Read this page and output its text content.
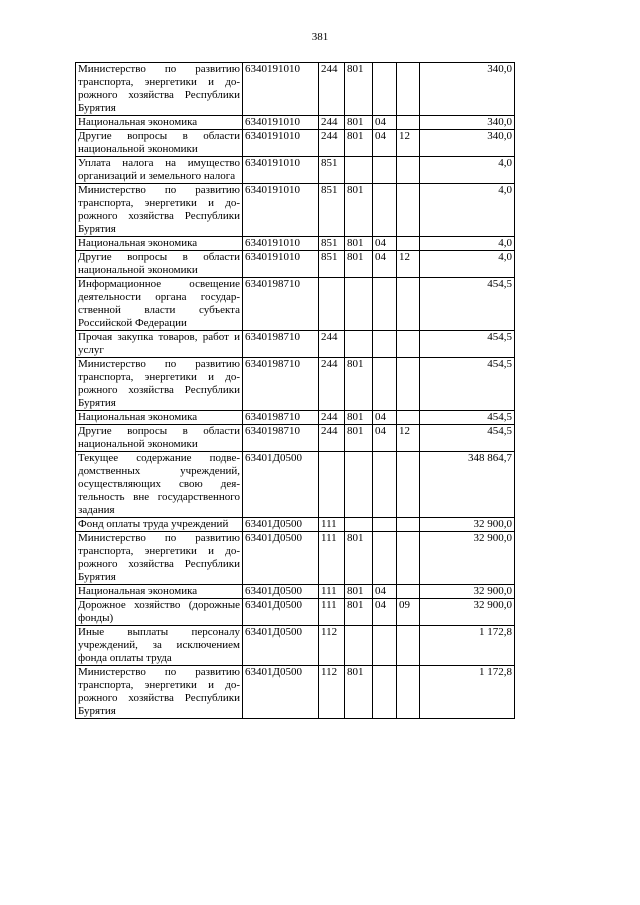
381
Министерство по развитию транспорта, энергетики и дорожного хозяйства Республики Бурятия	6340191010	244	801			340,0
Национальная экономика	6340191010	244	801	04		340,0
Другие вопросы в области национальной экономики	6340191010	244	801	04	12	340,0
Уплата налога на имущество организаций и земельного налога	6340191010	851				4,0
Министерство по развитию транспорта, энергетики и дорожного хозяйства Республики Бурятия	6340191010	851	801			4,0
Национальная экономика	6340191010	851	801	04		4,0
Другие вопросы в области национальной экономики	6340191010	851	801	04	12	4,0
Информационное освещение деятельности органа государственной власти субъекта Российской Федерации	6340198710					454,5
Прочая закупка товаров, работ и услуг	6340198710	244				454,5
Министерство по развитию транспорта, энергетики и дорожного хозяйства Республики Бурятия	6340198710	244	801			454,5
Национальная экономика	6340198710	244	801	04		454,5
Другие вопросы в области национальной экономики	6340198710	244	801	04	12	454,5
Текущее содержание подведомственных учреждений, осуществляющих свою деятельность вне государственного задания	63401Д0500					348 864,7
Фонд оплаты труда учреждений	63401Д0500	111				32 900,0
Министерство по развитию транспорта, энергетики и дорожного хозяйства Республики Бурятия	63401Д0500	111	801			32 900,0
Национальная экономика	63401Д0500	111	801	04		32 900,0
Дорожное хозяйство (дорожные фонды)	63401Д0500	111	801	04	09	32 900,0
Иные выплаты персоналу учреждений, за исключением фонда оплаты труда	63401Д0500	112				1 172,8
Министерство по развитию транспорта, энергетики и дорожного хозяйства Республики Бурятия	63401Д0500	112	801			1 172,8
